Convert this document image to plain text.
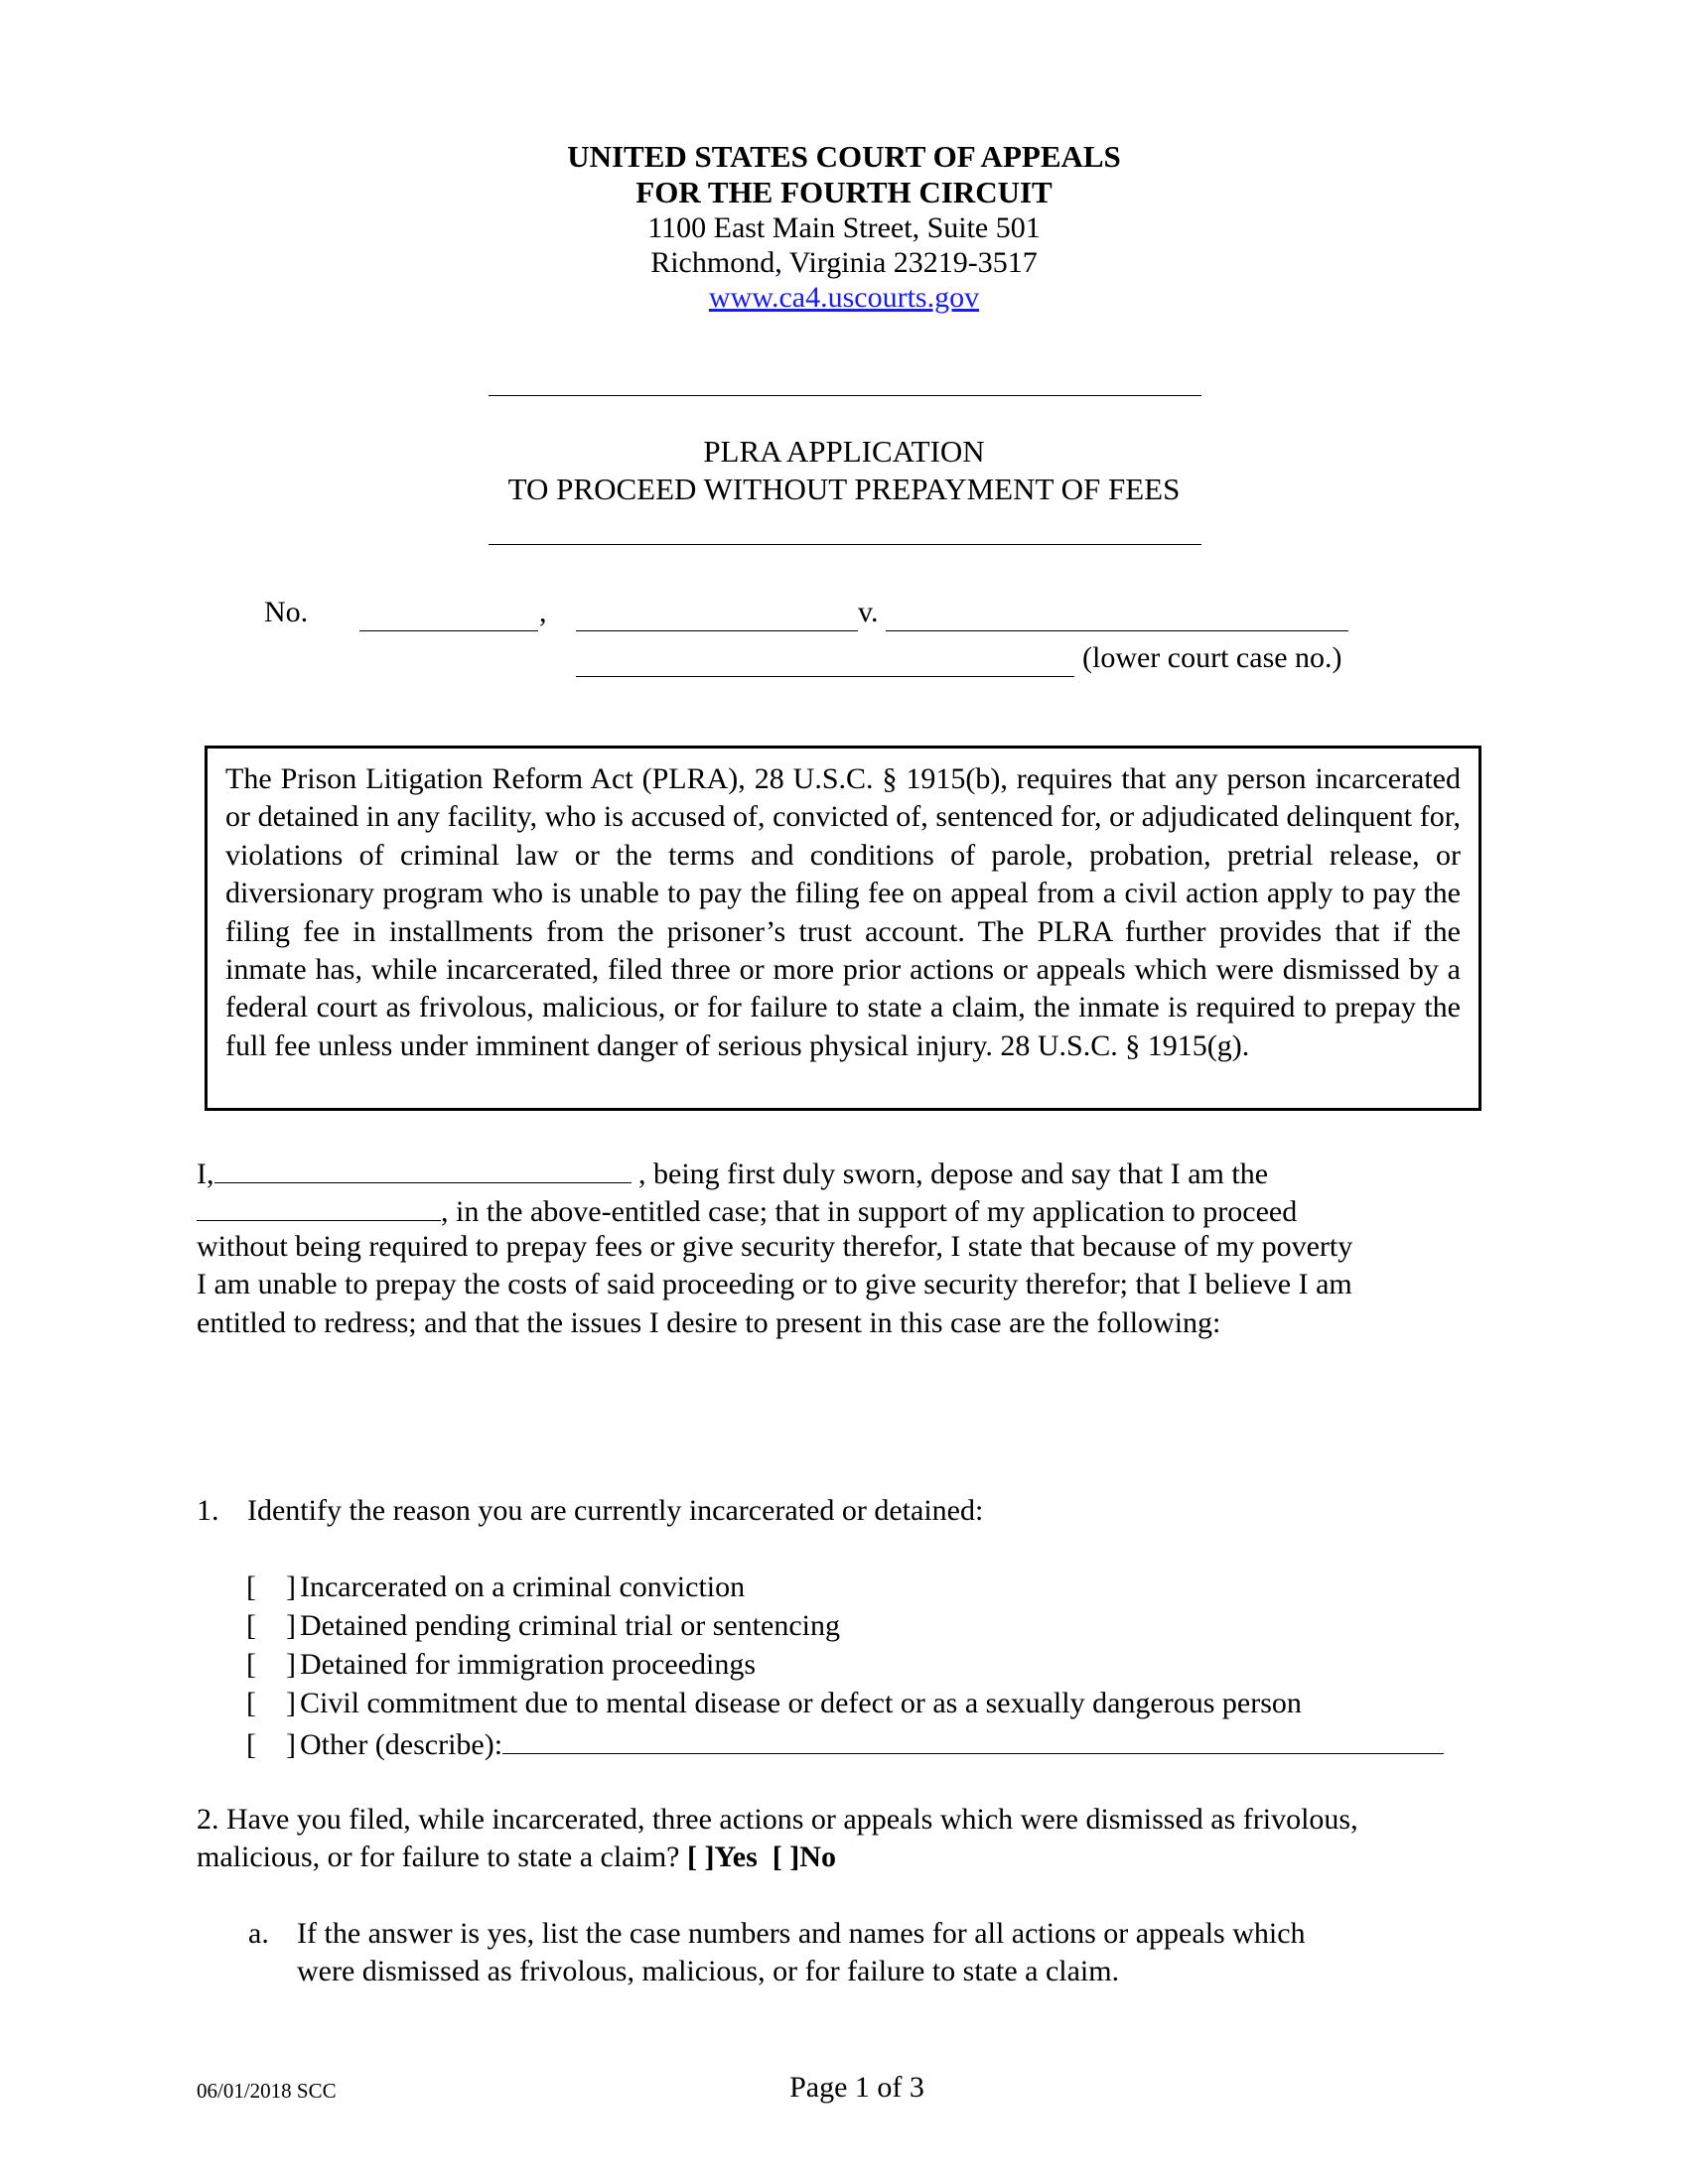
UNITED STATES COURT OF APPEALS
FOR THE FOURTH CIRCUIT
1100 East Main Street, Suite 501
Richmond, Virginia 23219-3517
www.ca4.uscourts.gov
PLRA APPLICATION
TO PROCEED WITHOUT PREPAYMENT OF FEES
No.	,	v.
(lower court case no.)

The Prison Litigation Reform Act (PLRA), 28 U.S.C. § 1915(b), requires that any person incarcerated or detained in any facility, who is accused of, convicted of, sentenced for, or adjudicated delinquent for, violations of criminal law or the terms and conditions of parole, probation, pretrial release, or diversionary program who is unable to pay the filing fee on appeal from a civil action apply to pay the filing fee in installments from the prisoner’s trust account. The PLRA further provides that if the inmate has, while incarcerated, filed three or more prior actions or appeals which were dismissed by a federal court as frivolous, malicious, or for failure to state a claim, the inmate is required to prepay the full fee unless under imminent danger of serious physical injury. 28 U.S.C. § 1915(g).

I,	, being first duly sworn, depose and say that I am the
, in the above-entitled case; that in support of my application to proceed
without being required to prepay fees or give security therefor, I state that because of my poverty
I am unable to prepay the costs of said proceeding or to give security therefor; that I believe I am
entitled to redress; and that the issues I desire to present in this case are the following:
1. Identify the reason you are currently incarcerated or detained:
[ ] Incarcerated on a criminal conviction
[ ] Detained pending criminal trial or sentencing
[ ] Detained for immigration proceedings
[ ] Civil commitment due to mental disease or defect or as a sexually dangerous person
[ ] Other (describe):
2. Have you filed, while incarcerated, three actions or appeals which were dismissed as frivolous,
malicious, or for failure to state a claim? [ ]Yes [ ]No
a. If the answer is yes, list the case numbers and names for all actions or appeals which
were dismissed as frivolous, malicious, or for failure to state a claim.
06/01/2018 SCC	Page 1 of 3
